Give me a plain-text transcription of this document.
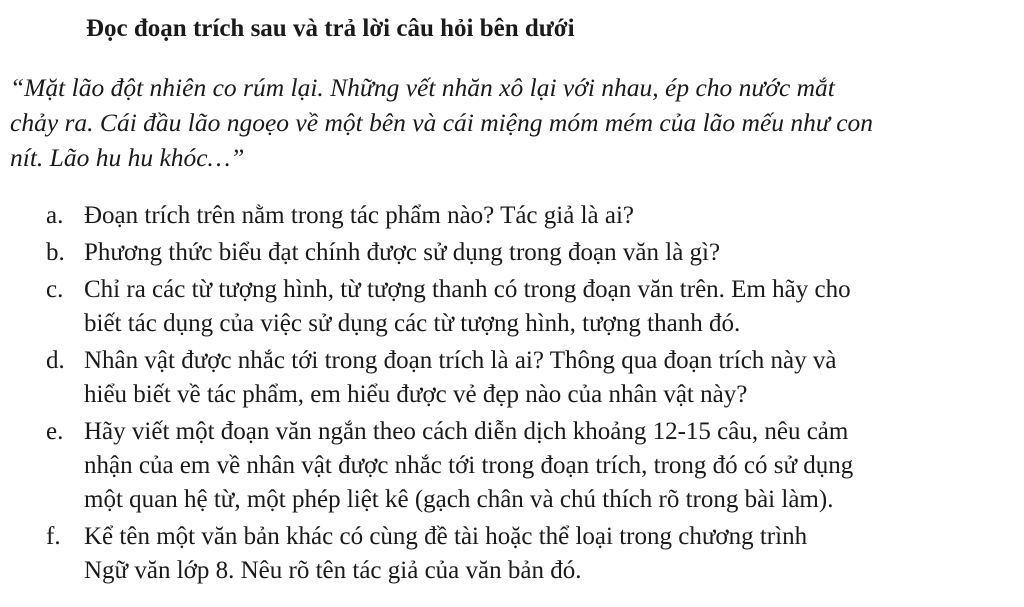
Đọc đoạn trích sau và trả lời câu hỏi bên dưới
“Mặt lão đột nhiên co rúm lại. Những vết nhăn xô lại với nhau, ép cho nước mắt
chảy ra. Cái đầu lão ngoẹo về một bên và cái miệng móm mém của lão mếu như con
nít. Lão hu hu khóc…”
a. Đoạn trích trên nằm trong tác phẩm nào? Tác giả là ai?
b. Phương thức biểu đạt chính được sử dụng trong đoạn văn là gì?
c. Chỉ ra các từ tượng hình, từ tượng thanh có trong đoạn văn trên. Em hãy cho
biết tác dụng của việc sử dụng các từ tượng hình, tượng thanh đó.
d. Nhân vật được nhắc tới trong đoạn trích là ai? Thông qua đoạn trích này và
hiểu biết về tác phẩm, em hiểu được vẻ đẹp nào của nhân vật này?
e. Hãy viết một đoạn văn ngắn theo cách diễn dịch khoảng 12-15 câu, nêu cảm
nhận của em về nhân vật được nhắc tới trong đoạn trích, trong đó có sử dụng
một quan hệ từ, một phép liệt kê (gạch chân và chú thích rõ trong bài làm).
f. Kể tên một văn bản khác có cùng đề tài hoặc thể loại trong chương trình
Ngữ văn lớp 8. Nêu rõ tên tác giả của văn bản đó.
